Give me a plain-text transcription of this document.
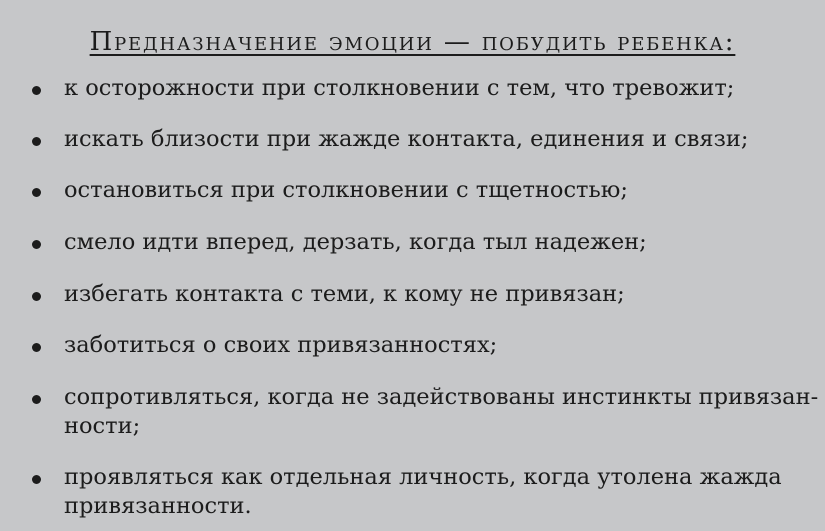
Предназначение эмоции — побудить ребенка:
к осторожности при столкновении с тем, что тревожит;
искать близости при жажде контакта, единения и связи;
остановиться при столкновении с тщетностью;
смело идти вперед, дерзать, когда тыл надежен;
избегать контакта с теми, к кому не привязан;
заботиться о своих привязанностях;
сопротивляться, когда не задействованы инстинкты привязан-
ности;
проявляться как отдельная личность, когда утолена жажда
привязанности.
